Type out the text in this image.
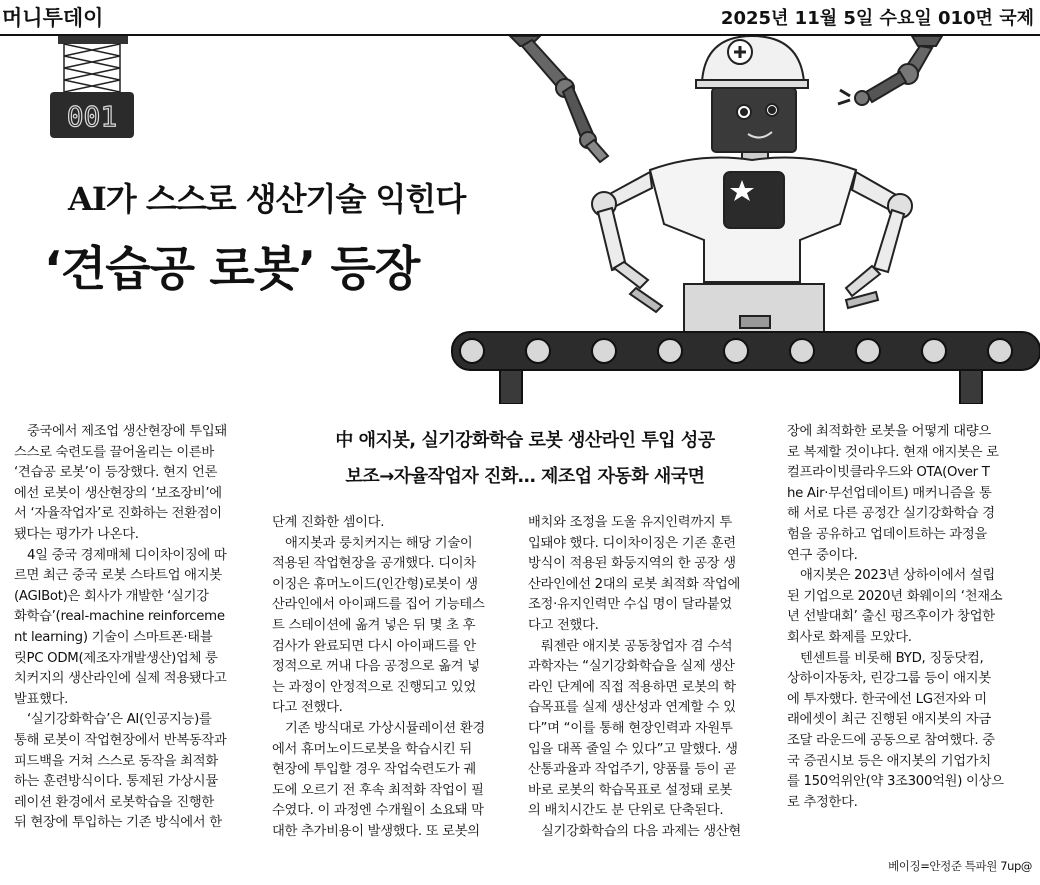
머니투데이	2025년 11월 5일 수요일 010면 국제
001
AI가 스스로 생산기술 익힌다
‘견습공 로봇’ 등장
中 애지봇, 실기강화학습 로봇 생산라인 투입 성공
보조→자율작업자 진화… 제조업 자동화 새국면
　중국에서 제조업 생산현장에 투입돼
스스로 숙련도를 끌어올리는 이른바
‘견습공 로봇’이 등장했다. 현지 언론
에선 로봇이 생산현장의 ‘보조장비’에
서 ‘자율작업자’로 진화하는 전환점이
됐다는 평가가 나온다.
　4일 중국 경제매체 디이차이징에 따
르면 최근 중국 로봇 스타트업 애지봇
(AGIBot)은 회사가 개발한 ‘실기강
화학습’(real-machine reinforceme
nt learning) 기술이 스마트폰·태블
릿PC ODM(제조자개발생산)업체 룽
치커지의 생산라인에 실제 적용됐다고
발표했다.
　‘실기강화학습’은 AI(인공지능)를
통해 로봇이 작업현장에서 반복동작과
피드백을 거쳐 스스로 동작을 최적화
하는 훈련방식이다. 통제된 가상시뮬
레이션 환경에서 로봇학습을 진행한
뒤 현장에 투입하는 기존 방식에서 한
단계 진화한 셈이다.
　애지봇과 룽치커지는 해당 기술이
적용된 작업현장을 공개했다. 디이차
이징은 휴머노이드(인간형)로봇이 생
산라인에서 아이패드를 집어 기능테스
트 스테이션에 옮겨 넣은 뒤 몇 초 후
검사가 완료되면 다시 아이패드를 안
정적으로 꺼내 다음 공정으로 옮겨 넣
는 과정이 안정적으로 진행되고 있었
다고 전했다.
　기존 방식대로 가상시뮬레이션 환경
에서 휴머노이드로봇을 학습시킨 뒤
현장에 투입할 경우 작업숙련도가 궤
도에 오르기 전 후속 최적화 작업이 필
수였다. 이 과정엔 수개월이 소요돼 막
대한 추가비용이 발생했다. 또 로봇의
배치와 조정을 도울 유지인력까지 투
입돼야 했다. 디이차이징은 기존 훈련
방식이 적용된 화둥지역의 한 공장 생
산라인에선 2대의 로봇 최적화 작업에
조정·유지인력만 수십 명이 달라붙었
다고 전했다.
　뤄젠란 애지봇 공동창업자 겸 수석
과학자는 “실기강화학습을 실제 생산
라인 단계에 직접 적용하면 로봇의 학
습목표를 실제 생산성과 연계할 수 있
다”며 “이를 통해 현장인력과 자원투
입을 대폭 줄일 수 있다”고 말했다. 생
산통과율과 작업주기, 양품률 등이 곧
바로 로봇의 학습목표로 설정돼 로봇
의 배치시간도 분 단위로 단축된다.
　실기강화학습의 다음 과제는 생산현
장에 최적화한 로봇을 어떻게 대량으
로 복제할 것이냐다. 현재 애지봇은 로
컬프라이빗클라우드와 OTA(Over T
he Air·무선업데이트) 매커니즘을 통
해 서로 다른 공정간 실기강화학습 경
험을 공유하고 업데이트하는 과정을
연구 중이다.
　애지봇은 2023년 상하이에서 설립
된 기업으로 2020년 화웨이의 ‘천재소
년 선발대회’ 출신 펑즈후이가 창업한
회사로 화제를 모았다.
　텐센트를 비롯해 BYD, 징둥닷컴,
상하이자동차, 린강그룹 등이 애지봇
에 투자했다. 한국에선 LG전자와 미
래에셋이 최근 진행된 애지봇의 자금
조달 라운드에 공동으로 참여했다. 중
국 증권시보 등은 애지봇의 기업가치
를 150억위안(약 3조300억원) 이상으
로 추정한다.
베이징=안정준 특파원 7up@
